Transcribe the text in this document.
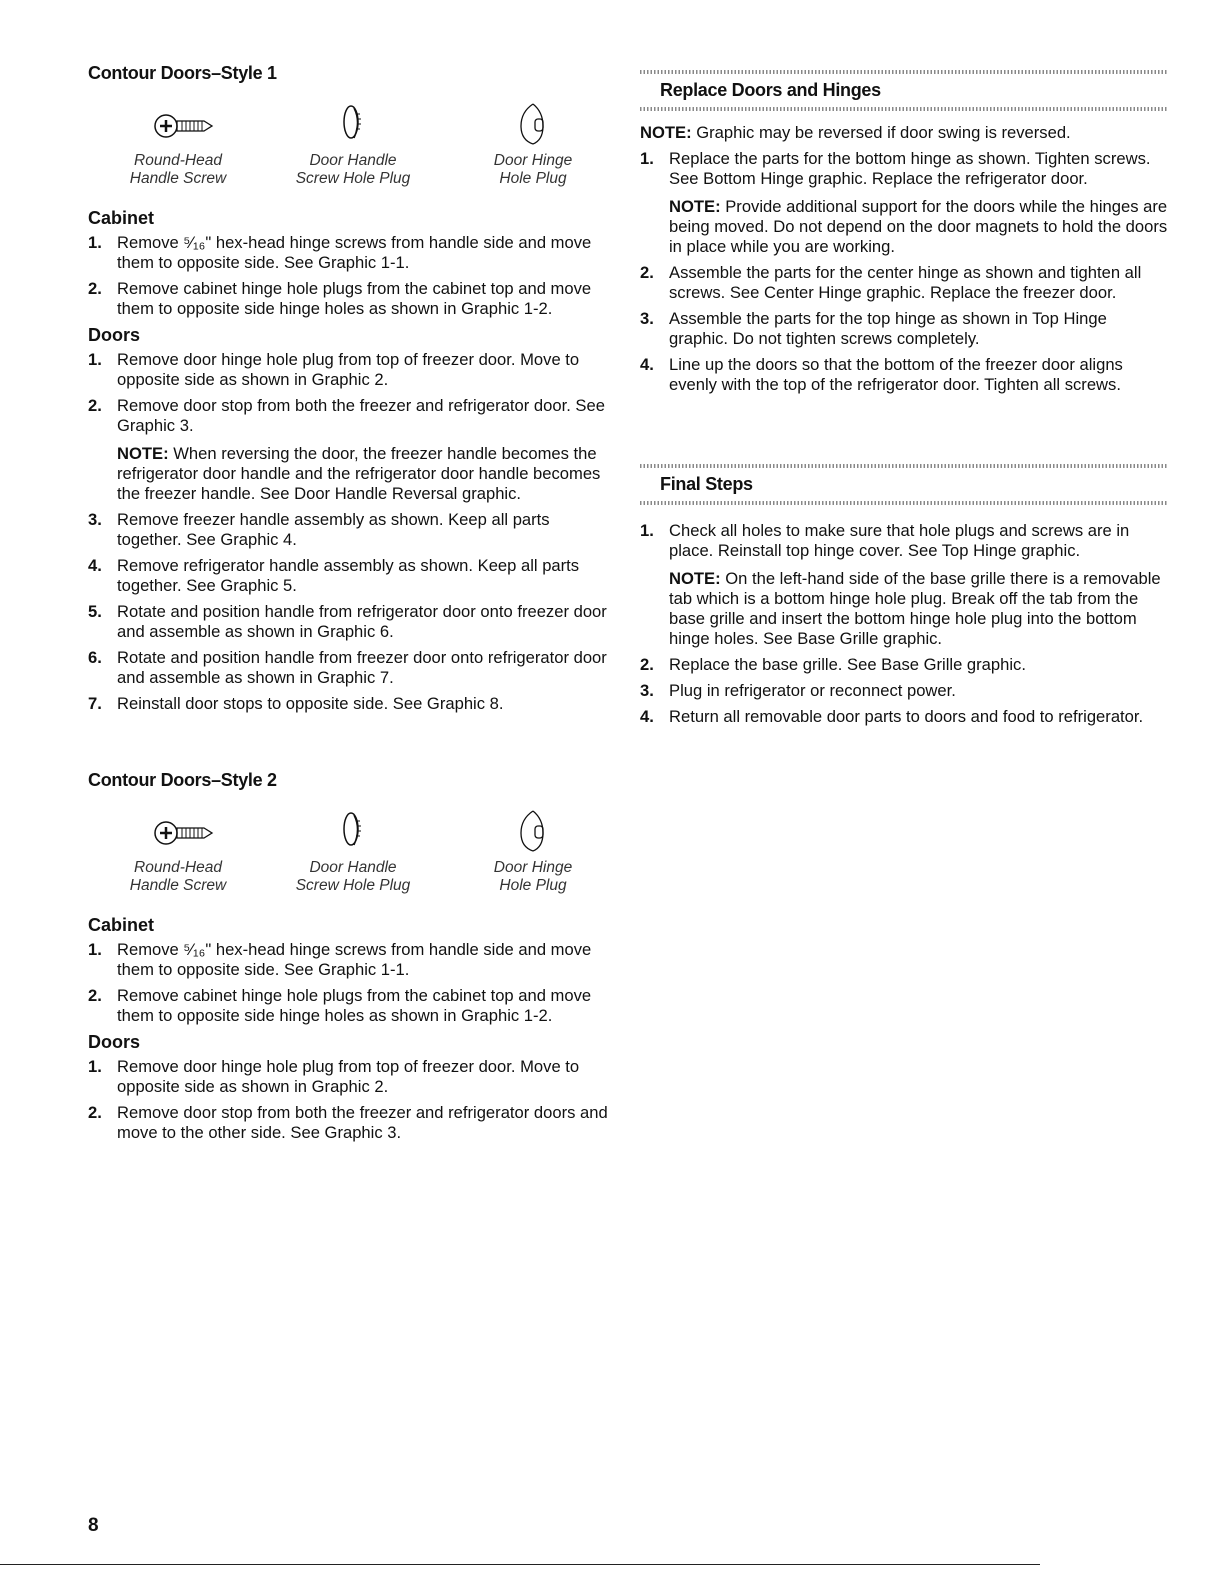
Contour Doors–Style 1
Round-Head
Handle Screw
Door Handle
Screw Hole Plug
Door Hinge
Hole Plug
Cabinet
1. Remove ⁵⁄₁₆" hex-head hinge screws from handle side and move them to opposite side. See Graphic 1-1.
2. Remove cabinet hinge hole plugs from the cabinet top and move them to opposite side hinge holes as shown in Graphic 1-2.
Doors
1. Remove door hinge hole plug from top of freezer door. Move to opposite side as shown in Graphic 2.
2. Remove door stop from both the freezer and refrigerator door. See Graphic 3.
NOTE: When reversing the door, the freezer handle becomes the refrigerator door handle and the refrigerator door handle becomes the freezer handle. See Door Handle Reversal graphic.
3. Remove freezer handle assembly as shown. Keep all parts together. See Graphic 4.
4. Remove refrigerator handle assembly as shown. Keep all parts together. See Graphic 5.
5. Rotate and position handle from refrigerator door onto freezer door and assemble as shown in Graphic 6.
6. Rotate and position handle from freezer door onto refrigerator door and assemble as shown in Graphic 7.
7. Reinstall door stops to opposite side. See Graphic 8.
Contour Doors–Style 2
Round-Head
Handle Screw
Door Handle
Screw Hole Plug
Door Hinge
Hole Plug
Cabinet
1. Remove ⁵⁄₁₆" hex-head hinge screws from handle side and move them to opposite side. See Graphic 1-1.
2. Remove cabinet hinge hole plugs from the cabinet top and move them to opposite side hinge holes as shown in Graphic 1-2.
Doors
1. Remove door hinge hole plug from top of freezer door. Move to opposite side as shown in Graphic 2.
2. Remove door stop from both the freezer and refrigerator doors and move to the other side. See Graphic 3.
Replace Doors and Hinges

NOTE: Graphic may be reversed if door swing is reversed.

1. Replace the parts for the bottom hinge as shown. Tighten screws. See Bottom Hinge graphic. Replace the refrigerator door.
NOTE: Provide additional support for the doors while the hinges are being moved. Do not depend on the door magnets to hold the doors in place while you are working.
2. Assemble the parts for the center hinge as shown and tighten all screws. See Center Hinge graphic. Replace the freezer door.
3. Assemble the parts for the top hinge as shown in Top Hinge graphic. Do not tighten screws completely.
4. Line up the doors so that the bottom of the freezer door aligns evenly with the top of the refrigerator door. Tighten all screws.
Final Steps
1. Check all holes to make sure that hole plugs and screws are in place. Reinstall top hinge cover. See Top Hinge graphic.
NOTE: On the left-hand side of the base grille there is a removable tab which is a bottom hinge hole plug. Break off the tab from the base grille and insert the bottom hinge hole plug into the bottom hinge holes. See Base Grille graphic.
2. Replace the base grille. See Base Grille graphic.
3. Plug in refrigerator or reconnect power.
4. Return all removable door parts to doors and food to refrigerator.
8
